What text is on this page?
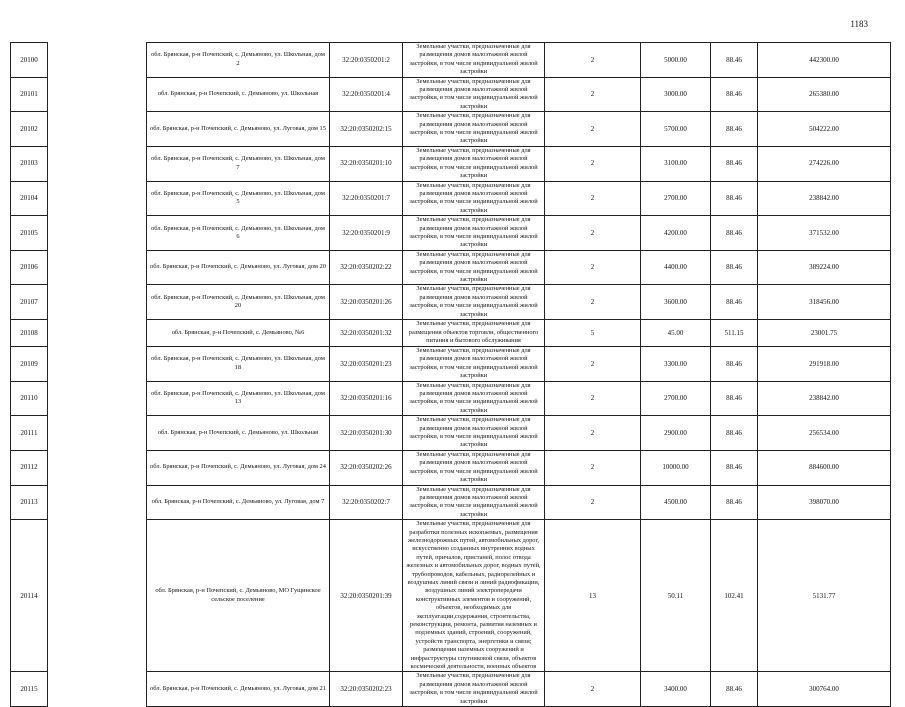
1183
20100		обл. Брянская, р-н Почепский, с. Демьяново, ул. Школьная, дом 2	32:20:0350201:2	Земельные участки, предназначенные для размещения домов малоэтажной жилой застройки, в том числе индивидуальной жилой застройки	2	5000.00	88.46	442300.00
20101		обл. Брянская, р-н Почепский, с. Демьяново, ул. Школьная	32:20:0350201:4	Земельные участки, предназначенные для размещения домов малоэтажной жилой застройки, в том числе индивидуальной жилой застройки	2	3000.00	88.46	265380.00
20102		обл. Брянская, р-н Почепский, с. Демьяново, ул. Луговая, дом 15	32:20:0350202:15	Земельные участки, предназначенные для размещения домов малоэтажной жилой застройки, в том числе индивидуальной жилой застройки	2	5700.00	88.46	504222.00
20103		обл. Брянская, р-н Почепский, с. Демьяново, ул. Школьная, дом 7	32:20:0350201:10	Земельные участки, предназначенные для размещения домов малоэтажной жилой застройки, в том числе индивидуальной жилой застройки	2	3100.00	88.46	274226.00
20104		обл. Брянская, р-н Почепский, с. Демьяново, ул. Школьная, дом 5	32:20:0350201:7	Земельные участки, предназначенные для размещения домов малоэтажной жилой застройки, в том числе индивидуальной жилой застройки	2	2700.00	88.46	238842.00
20105		обл. Брянская, р-н Почепский, с. Демьяново, ул. Школьная, дом 6	32:20:0350201:9	Земельные участки, предназначенные для размещения домов малоэтажной жилой застройки, в том числе индивидуальной жилой застройки	2	4200.00	88.46	371532.00
20106		обл. Брянская, р-н Почепский, с. Демьяново, ул. Луговая, дом 20	32:20:0350202:22	Земельные участки, предназначенные для размещения домов малоэтажной жилой застройки, в том числе индивидуальной жилой застройки	2	4400.00	88.46	389224.00
20107		обл. Брянская, р-н Почепский, с. Демьяново, ул. Школьная, дом 20	32:20:0350201:26	Земельные участки, предназначенные для размещения домов малоэтажной жилой застройки, в том числе индивидуальной жилой застройки	2	3600.00	88.46	318456.00
20108		обл. Брянская, р-н Почепский, с. Демьяново, №6	32:20:0350201:32	Земельные участки, предназначенные для размещения объектов торговли, общественного питания и бытового обслуживания	5	45.00	511.15	23001.75
20109		обл. Брянская, р-н Почепский, с. Демьяново, ул. Школьная, дом 18	32:20:0350201:23	Земельные участки, предназначенные для размещения домов малоэтажной жилой застройки, в том числе индивидуальной жилой застройки	2	3300.00	88.46	291918.00
20110		обл. Брянская, р-н Почепский, с. Демьяново, ул. Школьная, дом 13	32:20:0350201:16	Земельные участки, предназначенные для размещения домов малоэтажной жилой застройки, в том числе индивидуальной жилой застройки	2	2700.00	88.46	238842.00
20111		обл. Брянская, р-н Почепский, с. Демьяново, ул. Школьная	32:20:0350201:30	Земельные участки, предназначенные для размещения домов малоэтажной жилой застройки, в том числе индивидуальной жилой застройки	2	2900.00	88.46	256534.00
20112		обл. Брянская, р-н Почепский, с. Демьяново, ул. Луговая, дом 24	32:20:0350202:26	Земельные участки, предназначенные для размещения домов малоэтажной жилой застройки, в том числе индивидуальной жилой застройки	2	10000.00	88.46	884600.00
20113		обл. Брянская, р-н Почепский, с. Демьяново, ул. Луговая, дом 7	32:20:0350202:7	Земельные участки, предназначенные для размещения домов малоэтажной жилой застройки, в том числе индивидуальной жилой застройки	2	4500.00	88.46	398070.00
20114		обл. Брянская, р-н Почепский, с. Демьяново, МО Гущинское сельское поселение	32:20:0350201:39	Земельные участки, предназначенные для разработки полезных ископаемых, размещения железнодорожных путей, автомобильных дорог, искусственно созданных внутренних водных путей, причалов, пристаней, полос отвода железных и автомобильных дорог, водных путей, трубопроводов, кабельных, радиорелейных и воздушных линий связи и линий радиофикации, воздушных линий электропередачи конструктивных элементов и сооружений, объектов, необходимых для эксплуатации,содержания, строительства, реконструкции, ремонта, развития наземных и подземных зданий, строений, сооружений, устройств транспорта, энергетики и связи; размещения наземных сооружений и инфраструктуры спутниковой связи, объектов космической деятельности, военных объектов	13	50.11	102.41	5131.77
20115		обл. Брянская, р-н Почепский, с. Демьяново, ул. Луговая, дом 21	32:20:0350202:23	Земельные участки, предназначенные для размещения домов малоэтажной жилой застройки, в том числе индивидуальной жилой застройки	2	3400.00	88.46	300764.00
